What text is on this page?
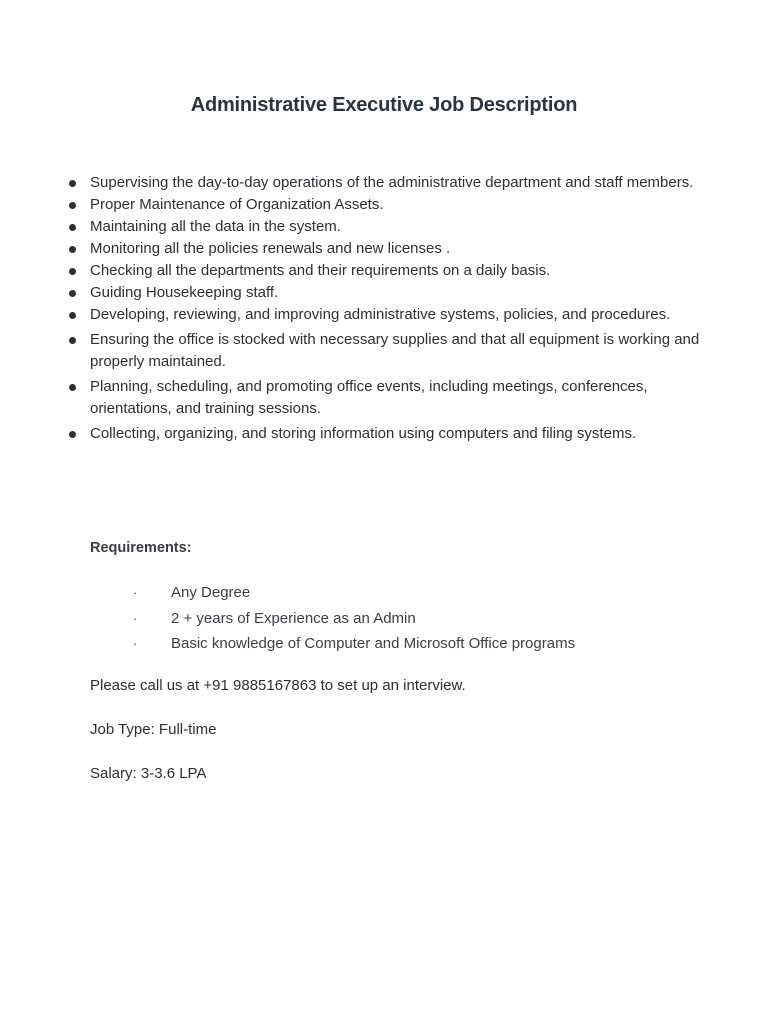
Administrative Executive Job Description
Supervising the day-to-day operations of the administrative department and staff members.
Proper Maintenance of Organization Assets.
Maintaining all the data in the system.
Monitoring all the policies renewals and new licenses .
Checking all the departments and their requirements on a daily basis.
Guiding Housekeeping staff.
Developing, reviewing, and improving administrative systems, policies, and procedures.
Ensuring the office is stocked with necessary supplies and that all equipment is working and properly maintained.
Planning, scheduling, and promoting office events, including meetings, conferences, orientations, and training sessions.
Collecting, organizing, and storing information using computers and filing systems.
Requirements:
· Any Degree
· 2 + years of Experience as an Admin
· Basic knowledge of Computer and Microsoft Office programs
Please call us at +91 9885167863 to set up an interview.
Job Type: Full-time
Salary: 3-3.6 LPA
